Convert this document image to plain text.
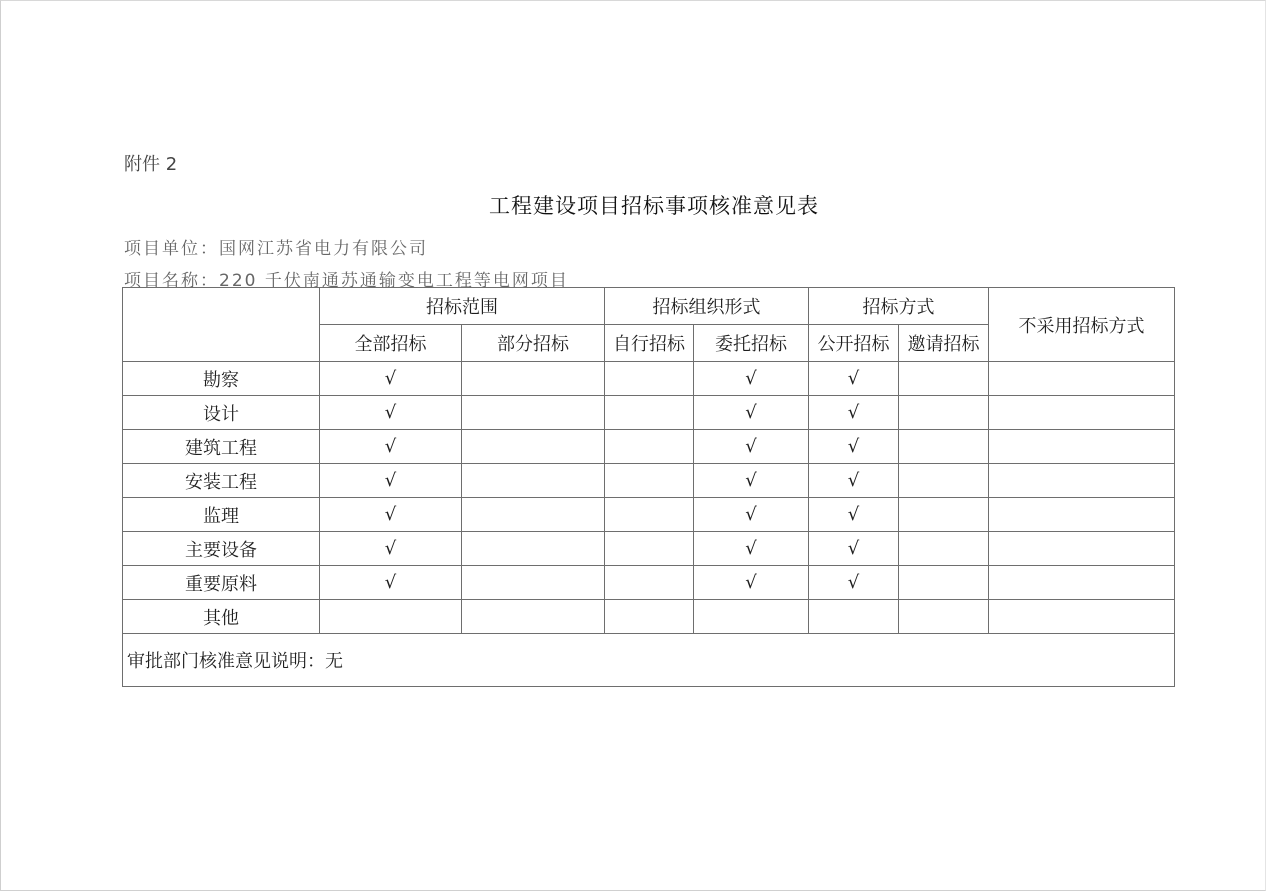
附件 2
工程建设项目招标事项核准意见表
项目单位：国网江苏省电力有限公司
项目名称：220 千伏南通苏通输变电工程等电网项目
	招标范围		招标组织形式		招标方式		不采用招标方式
	全部招标	部分招标	自行招标	委托招标	公开招标	邀请招标	
勘察	√			√	√		
设计	√			√	√		
建筑工程	√			√	√		
安装工程	√			√	√		
监理	√			√	√		
主要设备	√			√	√		
重要原料	√			√	√		
其他							
审批部门核准意见说明：无							
